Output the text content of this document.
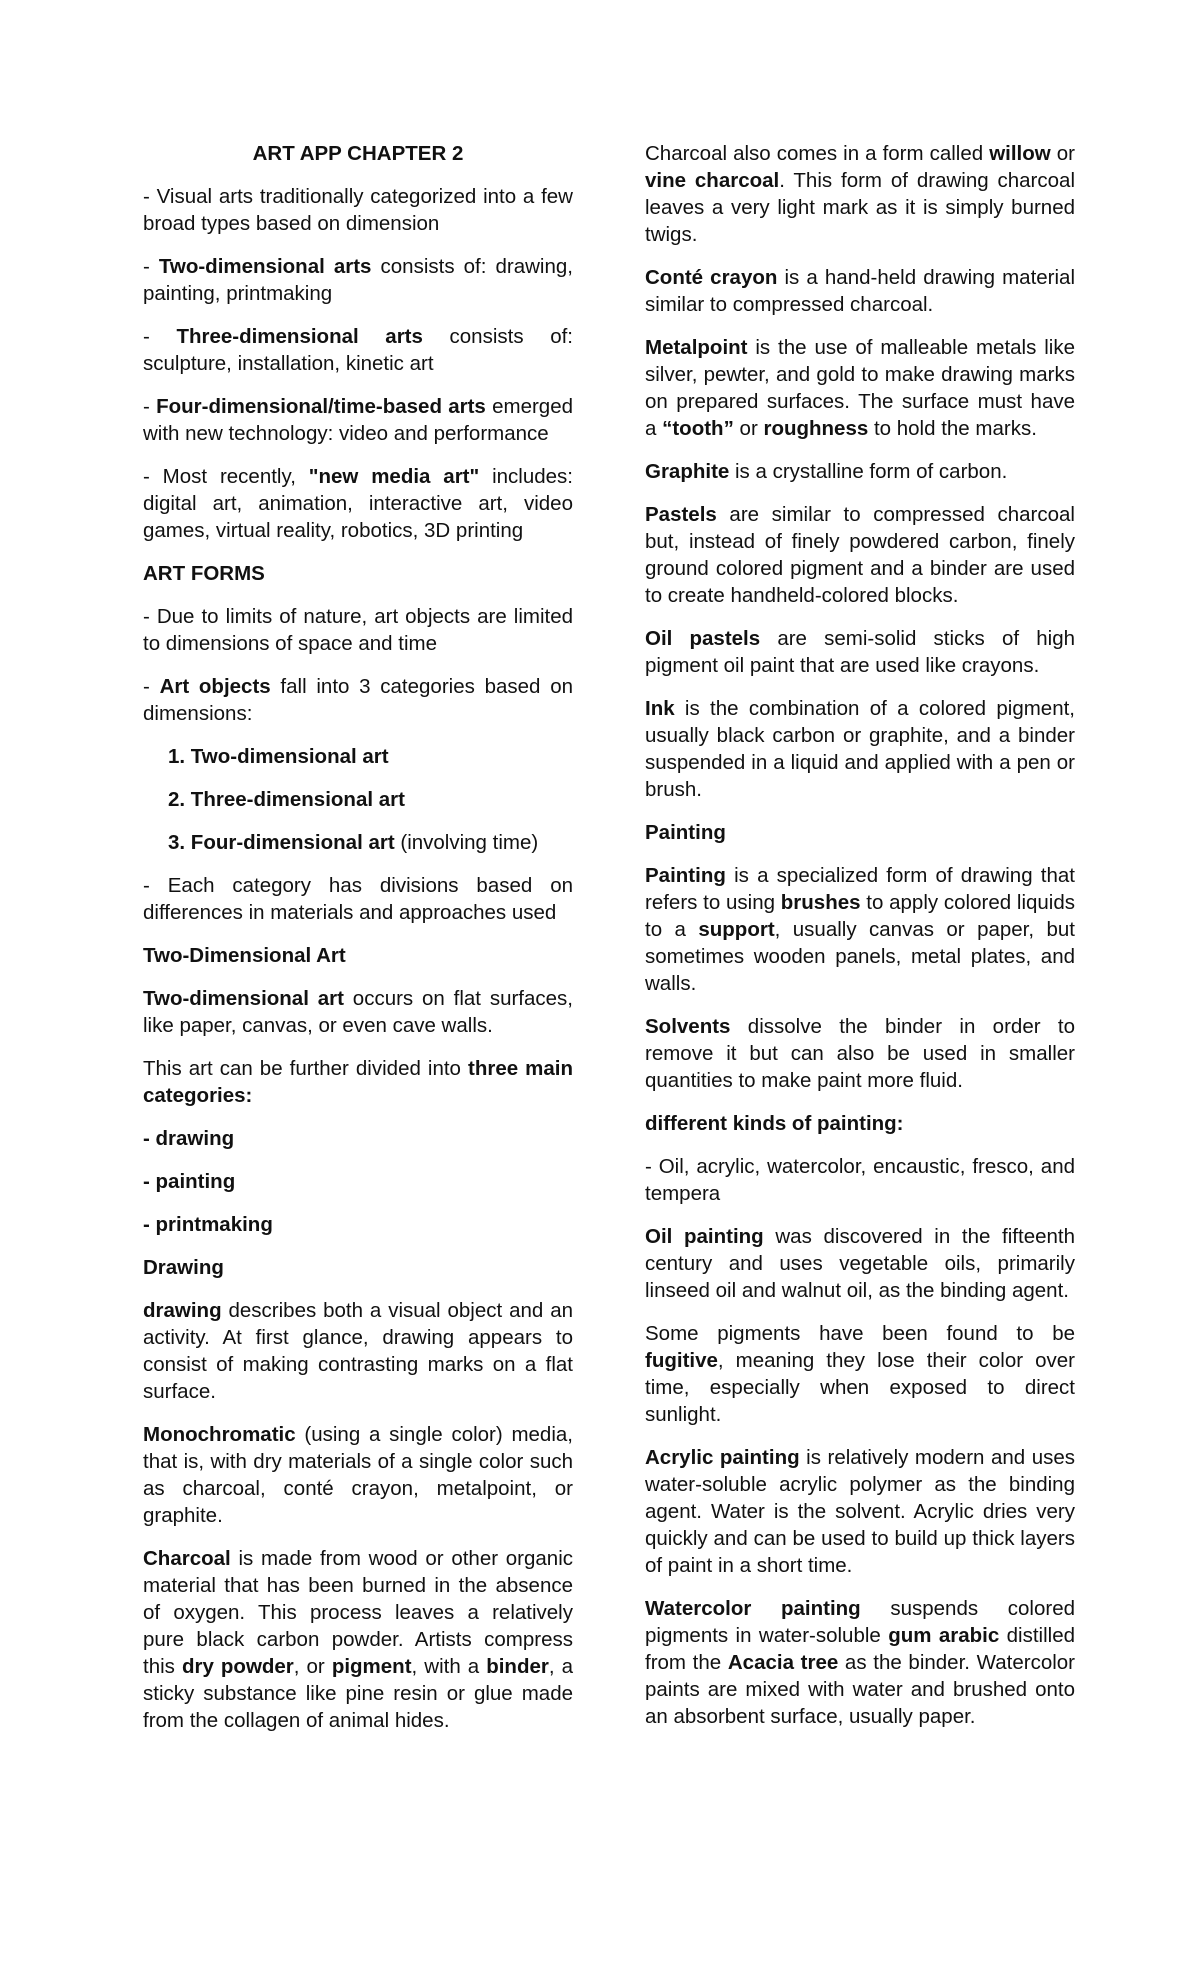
ART APP CHAPTER 2

- Visual arts traditionally categorized into a few broad types based on dimension

- Two-dimensional arts consists of: drawing, painting, printmaking

- Three-dimensional arts consists of: sculpture, installation, kinetic art

- Four-dimensional/time-based arts emerged with new technology: video and performance

- Most recently, "new media art" includes: digital art, animation, interactive art, video games, virtual reality, robotics, 3D printing

ART FORMS

- Due to limits of nature, art objects are limited to dimensions of space and time

- Art objects fall into 3 categories based on dimensions:

1. Two-dimensional art
2. Three-dimensional art
3. Four-dimensional art (involving time)

- Each category has divisions based on differences in materials and approaches used

Two-Dimensional Art

Two-dimensional art occurs on flat surfaces, like paper, canvas, or even cave walls.

This art can be further divided into three main categories:

- drawing

- painting

- printmaking

Drawing

drawing describes both a visual object and an activity. At first glance, drawing appears to consist of making contrasting marks on a flat surface.

Monochromatic (using a single color) media, that is, with dry materials of a single color such as charcoal, conté crayon, metalpoint, or graphite.

Charcoal is made from wood or other organic material that has been burned in the absence of oxygen. This process leaves a relatively pure black carbon powder. Artists compress this dry powder, or pigment, with a binder, a sticky substance like pine resin or glue made from the collagen of animal hides.

Charcoal also comes in a form called willow or vine charcoal. This form of drawing charcoal leaves a very light mark as it is simply burned twigs.

Conté crayon is a hand-held drawing material similar to compressed charcoal.

Metalpoint is the use of malleable metals like silver, pewter, and gold to make drawing marks on prepared surfaces. The surface must have a “tooth” or roughness to hold the marks.

Graphite is a crystalline form of carbon.

Pastels are similar to compressed charcoal but, instead of finely powdered carbon, finely ground colored pigment and a binder are used to create handheld-colored blocks.

Oil pastels are semi-solid sticks of high pigment oil paint that are used like crayons.

Ink is the combination of a colored pigment, usually black carbon or graphite, and a binder suspended in a liquid and applied with a pen or brush.

Painting

Painting is a specialized form of drawing that refers to using brushes to apply colored liquids to a support, usually canvas or paper, but sometimes wooden panels, metal plates, and walls.

Solvents dissolve the binder in order to remove it but can also be used in smaller quantities to make paint more fluid.

different kinds of painting:

- Oil, acrylic, watercolor, encaustic, fresco, and tempera

Oil painting was discovered in the fifteenth century and uses vegetable oils, primarily linseed oil and walnut oil, as the binding agent.

Some pigments have been found to be fugitive, meaning they lose their color over time, especially when exposed to direct sunlight.

Acrylic painting is relatively modern and uses water-soluble acrylic polymer as the binding agent. Water is the solvent. Acrylic dries very quickly and can be used to build up thick layers of paint in a short time.

Watercolor painting suspends colored pigments in water-soluble gum arabic distilled from the Acacia tree as the binder. Watercolor paints are mixed with water and brushed onto an absorbent surface, usually paper.
